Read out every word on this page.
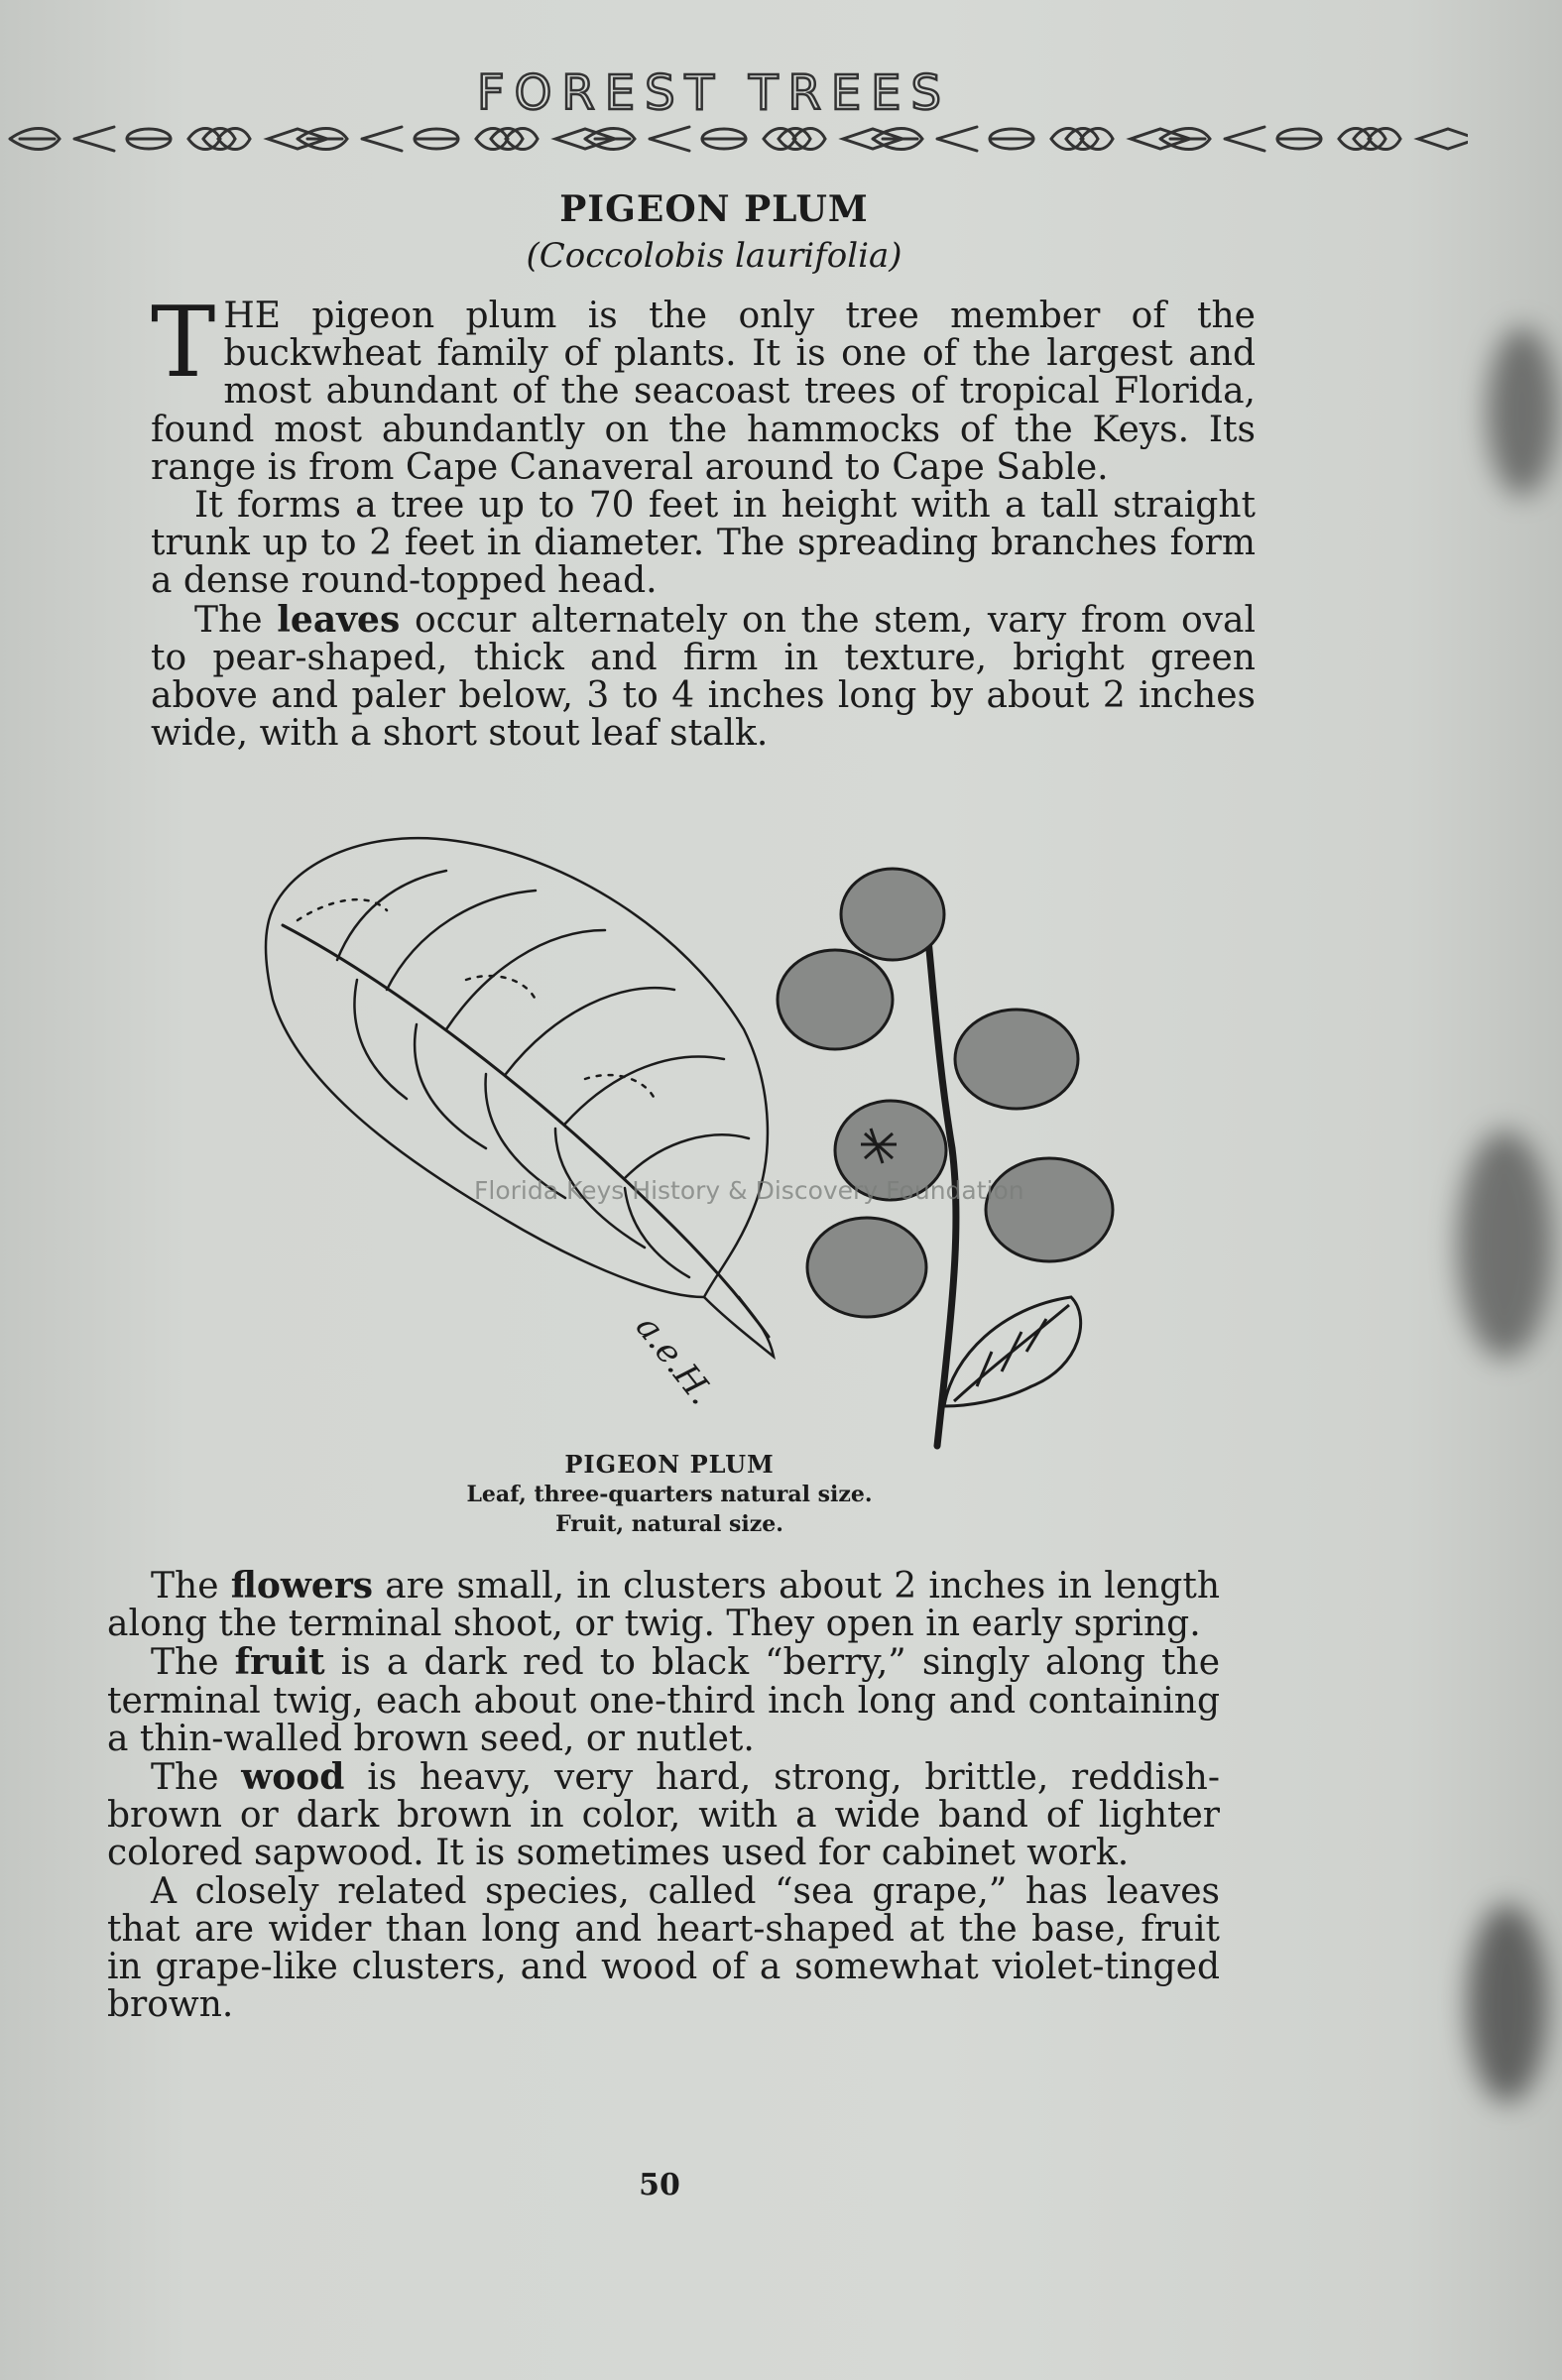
FOREST TREES
PIGEON PLUM
(Coccolobis laurifolia)

THE pigeon plum is the only tree member of the buckwheat family of plants. It is one of the largest and most abundant of the seacoast trees of tropical Florida, found most abundantly on the hammocks of the Keys. Its range is from Cape Canaveral around to Cape Sable.

It forms a tree up to 70 feet in height with a tall straight trunk up to 2 feet in diameter. The spreading branches form a dense round-topped head.

The leaves occur alternately on the stem, vary from oval to pear-shaped, thick and firm in texture, bright green above and paler below, 3 to 4 inches long by about 2 inches wide, with a short stout leaf stalk.

a.e.H.
Florida Keys History & Discovery Foundation
PIGEON PLUM
Leaf, three-quarters natural size.
Fruit, natural size.

The flowers are small, in clusters about 2 inches in length along the terminal shoot, or twig. They open in early spring.

The fruit is a dark red to black “berry,” singly along the terminal twig, each about one-third inch long and containing a thin-walled brown seed, or nutlet.

The wood is heavy, very hard, strong, brittle, reddish-brown or dark brown in color, with a wide band of lighter colored sapwood. It is sometimes used for cabinet work.

A closely related species, called “sea grape,” has leaves that are wider than long and heart-shaped at the base, fruit in grape-like clusters, and wood of a somewhat violet-tinged brown.

50
